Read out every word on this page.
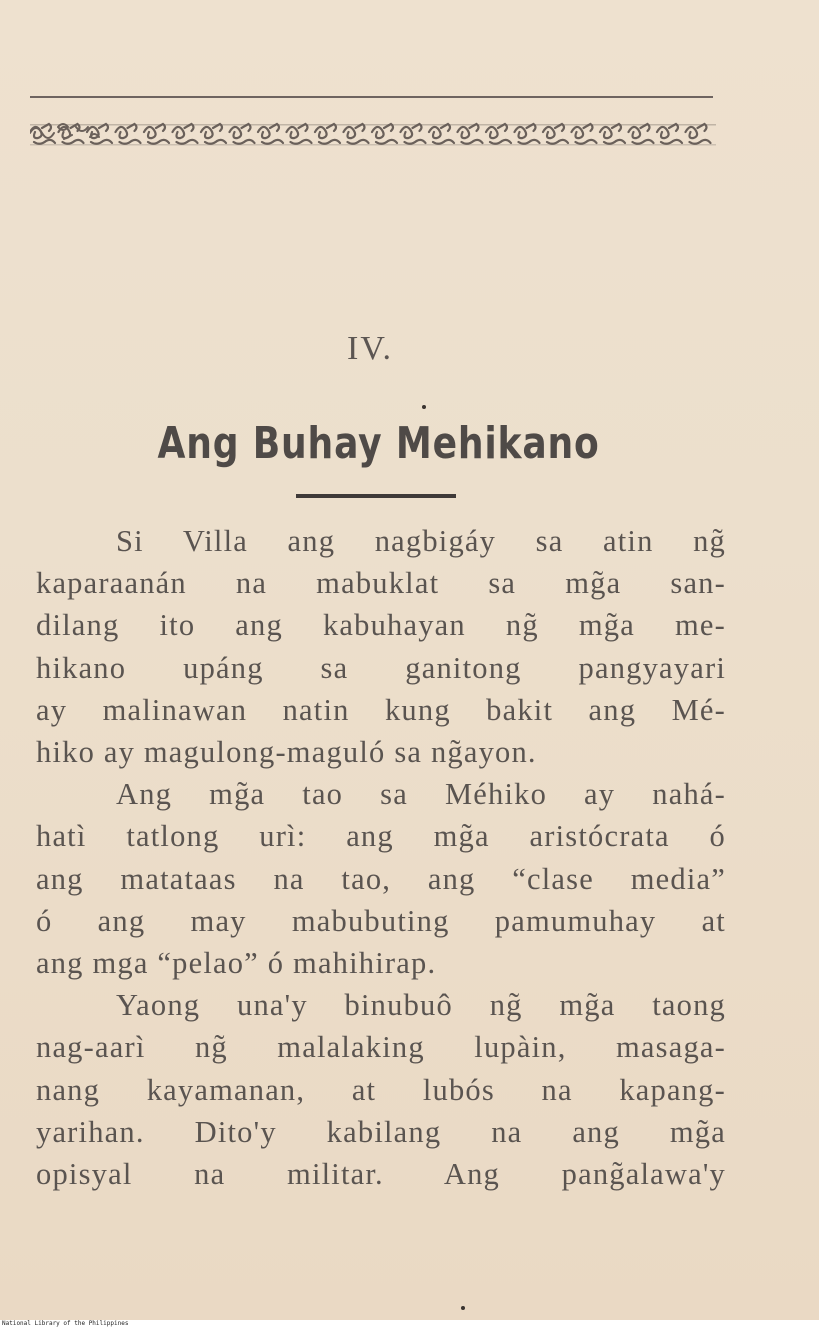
IV.
Ang Buhay Mehikano
Si Villa ang nagbigáy sa atin ng̃
kaparaanán na mabuklat sa mg̃a san-
dilang ito ang kabuhayan ng̃ mg̃a me-
hikano upáng sa ganitong pangyayari
ay malinawan natin kung bakit ang Mé-
hiko ay magulong-maguló sa ng̃ayon.
Ang mg̃a tao sa Méhiko ay nahá-
hatì tatlong urì: ang mg̃a aristócrata ó
ang matataas na tao, ang “clase media”
ó ang may mabubuting pamumuhay at
ang mga “pelao” ó mahihirap.
Yaong una'y binubuô ng̃ mg̃a taong
nag-aarì ng̃ malalaking lupàin, masaga-
nang kayamanan, at lubós na kapang-
yarihan. Dito'y kabilang na ang mg̃a
opisyal na militar. Ang pang̃alawa'y
National Library of the Philippines
